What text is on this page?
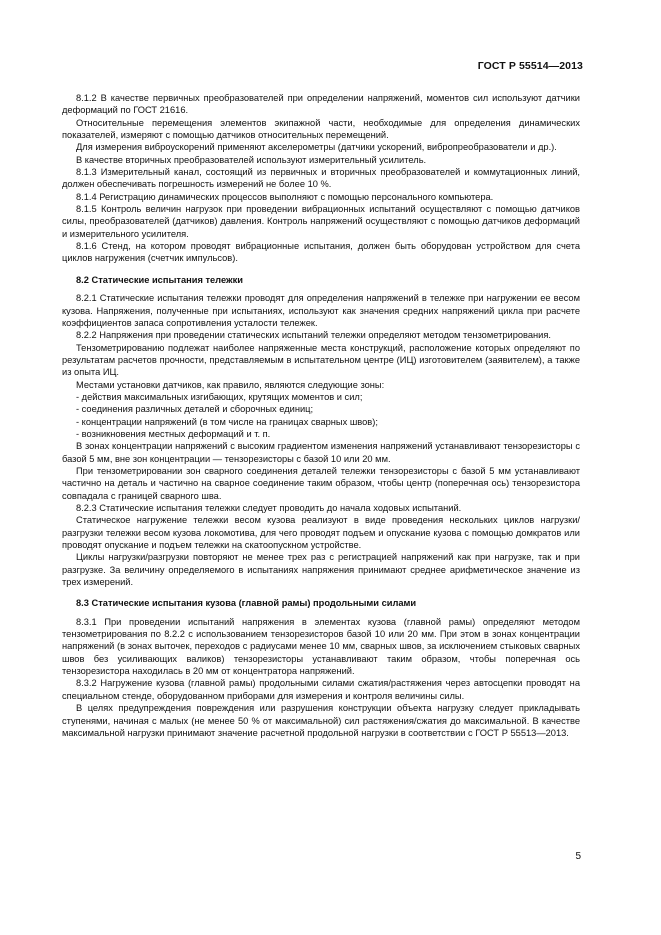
ГОСТ Р 55514—2013

8.1.2 В качестве первичных преобразователей при определении напряжений, моментов сил используют датчики деформаций по ГОСТ 21616.

Относительные перемещения элементов экипажной части, необходимые для определения динамических показателей, измеряют с помощью датчиков относительных перемещений.

Для измерения виброускорений применяют акселерометры (датчики ускорений, вибропреобразователи и др.).

В качестве вторичных преобразователей используют измерительный усилитель.

8.1.3 Измерительный канал, состоящий из первичных и вторичных преобразователей и коммутационных линий, должен обеспечивать погрешность измерений не более 10 %.

8.1.4 Регистрацию динамических процессов выполняют с помощью персонального компьютера.

8.1.5 Контроль величин нагрузок при проведении вибрационных испытаний осуществляют с помощью датчиков силы, преобразователей (датчиков) давления. Контроль напряжений осуществляют с помощью датчиков деформаций и измерительного усилителя.

8.1.6 Стенд, на котором проводят вибрационные испытания, должен быть оборудован устройством для счета циклов нагружения (счетчик импульсов).

8.2 Статические испытания тележки

8.2.1 Статические испытания тележки проводят для определения напряжений в тележке при нагружении ее весом кузова. Напряжения, полученные при испытаниях, используют как значения средних напряжений цикла при расчете коэффициентов запаса сопротивления усталости тележек.

8.2.2 Напряжения при проведении статических испытаний тележки определяют методом тензометрирования.

Тензометрированию подлежат наиболее напряженные места конструкций, расположение которых определяют по результатам расчетов прочности, представляемым в испытательном центре (ИЦ) изготовителем (заявителем), а также из опыта ИЦ.

Местами установки датчиков, как правило, являются следующие зоны:

- действия максимальных изгибающих, крутящих моментов и сил;

- соединения различных деталей и сборочных единиц;

- концентрации напряжений (в том числе на границах сварных швов);

- возникновения местных деформаций и т. п.

В зонах концентрации напряжений с высоким градиентом изменения напряжений устанавливают тензорезисторы с базой 5 мм, вне зон концентрации — тензорезисторы с базой 10 или 20 мм.

При тензометрировании зон сварного соединения деталей тележки тензорезисторы с базой 5 мм устанавливают частично на деталь и частично на сварное соединение таким образом, чтобы центр (поперечная ось) тензорезистора совпадала с границей сварного шва.

8.2.3 Статические испытания тележки следует проводить до начала ходовых испытаний.

Статическое нагружение тележки весом кузова реализуют в виде проведения нескольких циклов нагрузки/разгрузки тележки весом кузова локомотива, для чего проводят подъем и опускание кузова с помощью домкратов или проводят опускание и подъем тележки на скатоопускном устройстве.

Циклы нагрузки/разгрузки повторяют не менее трех раз с регистрацией напряжений как при нагрузке, так и при разгрузке. За величину определяемого в испытаниях напряжения принимают среднее арифметическое значение из трех измерений.

8.3 Статические испытания кузова (главной рамы) продольными силами

8.3.1 При проведении испытаний напряжения в элементах кузова (главной рамы) определяют методом тензометрирования по 8.2.2 с использованием тензорезисторов базой 10 или 20 мм. При этом в зонах концентрации напряжений (в зонах выточек, переходов с радиусами менее 10 мм, сварных швов, за исключением стыковых сварных швов без усиливающих валиков) тензорезисторы устанавливают таким образом, чтобы поперечная ось тензорезистора находилась в 20 мм от концентратора напряжений.

8.3.2 Нагружение кузова (главной рамы) продольными силами сжатия/растяжения через автосцепки проводят на специальном стенде, оборудованном приборами для измерения и контроля величины силы.

В целях предупреждения повреждения или разрушения конструкции объекта нагрузку следует прикладывать ступенями, начиная с малых (не менее 50 % от максимальной) сил растяжения/сжатия до максимальной. В качестве максимальной нагрузки принимают значение расчетной продольной нагрузки в соответствии с ГОСТ Р 55513—2013.

5
